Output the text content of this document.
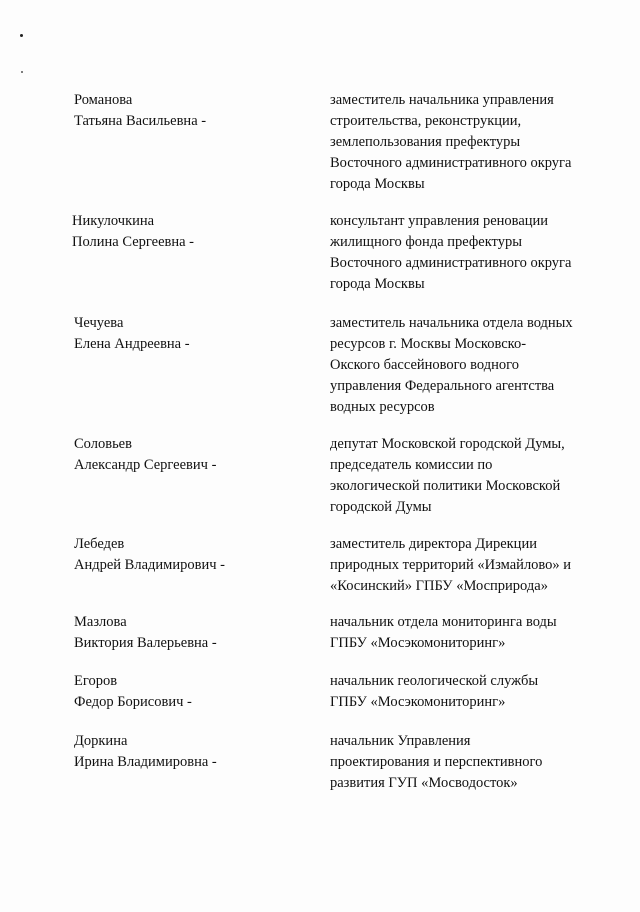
Романова
Татьяна Васильевна -
заместитель начальника управления
строительства, реконструкции,
землепользования префектуры
Восточного административного округа
города Москвы
Никулочкина
Полина Сергеевна -
консультант управления реновации
жилищного фонда префектуры
Восточного административного округа
города Москвы
Чечуева
Елена Андреевна -
заместитель начальника отдела водных
ресурсов г. Москвы Московско-
Окского бассейнового водного
управления Федерального агентства
водных ресурсов
Соловьев
Александр Сергеевич -
депутат Московской городской Думы,
председатель комиссии по
экологической политики Московской
городской Думы
Лебедев
Андрей Владимирович -
заместитель директора Дирекции
природных территорий «Измайлово» и
«Косинский» ГПБУ «Мосприрода»
Мазлова
Виктория Валерьевна -
начальник отдела мониторинга воды
ГПБУ «Мосэкомониторинг»
Егоров
Федор Борисович -
начальник геологической службы
ГПБУ «Мосэкомониторинг»
Доркина
Ирина Владимировна -
начальник Управления
проектирования и перспективного
развития ГУП «Мосводосток»
